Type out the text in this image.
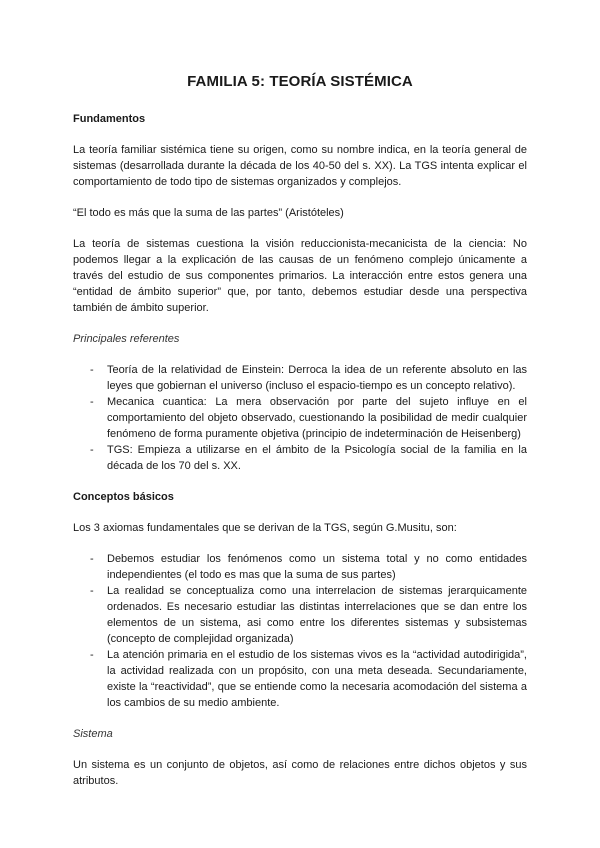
FAMILIA 5: TEORÍA SISTÉMICA
Fundamentos

La teoría familiar sistémica tiene su origen, como su nombre indica, en la teoría general de sistemas (desarrollada durante la década de los 40-50 del s. XX). La TGS intenta explicar el comportamiento de todo tipo de sistemas organizados y complejos.

“El todo es más que la suma de las partes” (Aristóteles)

La teoría de sistemas cuestiona la visión reduccionista-mecanicista de la ciencia: No podemos llegar a la explicación de las causas de un fenómeno complejo únicamente a través del estudio de sus componentes primarios. La interacción entre estos genera una “entidad de ámbito superior” que, por tanto, debemos estudiar desde una perspectiva también de ámbito superior.

Principales referentes

- Teoría de la relatividad de Einstein: Derroca la idea de un referente absoluto en las leyes que gobiernan el universo (incluso el espacio-tiempo es un concepto relativo).
- Mecanica cuantica: La mera observación por parte del sujeto influye en el comportamiento del objeto observado, cuestionando la posibilidad de medir cualquier fenómeno de forma puramente objetiva (principio de indeterminación de Heisenberg)
- TGS: Empieza a utilizarse en el ámbito de la Psicología social de la familia en la década de los 70 del s. XX.
Conceptos básicos

Los 3 axiomas fundamentales que se derivan de la TGS, según G.Musitu, son:

- Debemos estudiar los fenómenos como un sistema total y no como entidades independientes (el todo es mas que la suma de sus partes)
- La realidad se conceptualiza como una interrelacion de sistemas jerarquicamente ordenados. Es necesario estudiar las distintas interrelaciones que se dan entre los elementos de un sistema, asi como entre los diferentes sistemas y subsistemas (concepto de complejidad organizada)
- La atención primaria en el estudio de los sistemas vivos es la “actividad autodirigida”, la actividad realizada con un propósito, con una meta deseada. Secundariamente, existe la “reactividad”, que se entiende como la necesaria acomodación del sistema a los cambios de su medio ambiente.

Sistema

Un sistema es un conjunto de objetos, así como de relaciones entre dichos objetos y sus atributos.
